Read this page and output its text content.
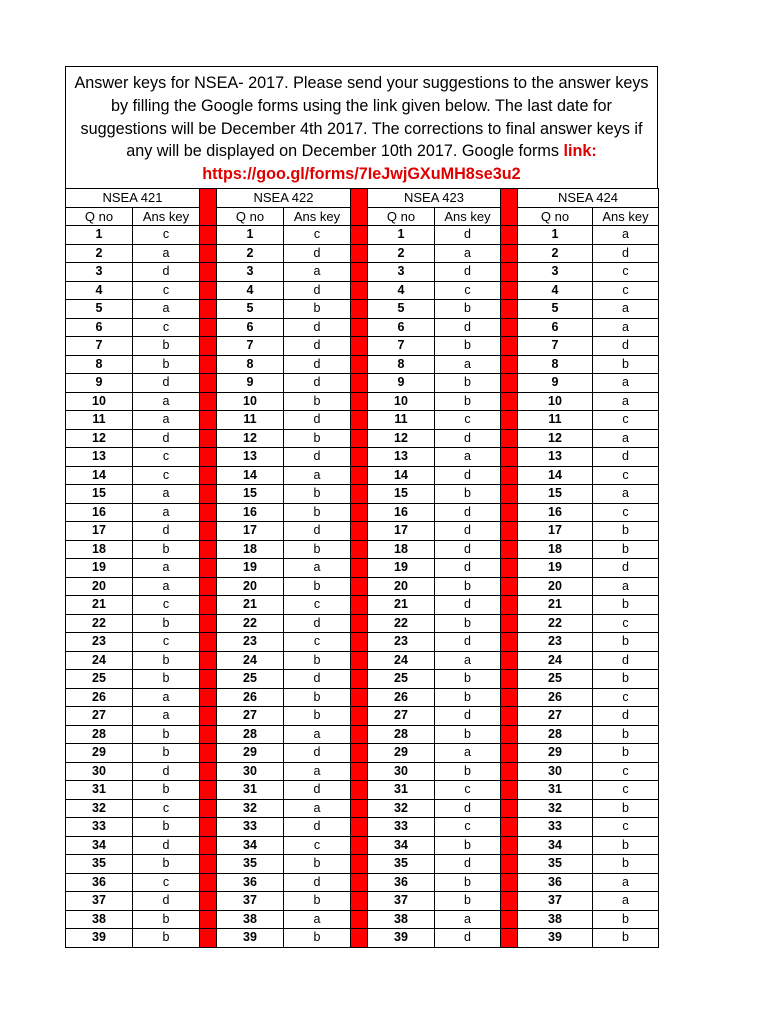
Answer keys for NSEA- 2017. Please send your suggestions to the answer keys
by filling the Google forms using the link given below. The last date for
suggestions will be December 4th 2017. The corrections to final answer keys if
any will be displayed on December 10th 2017. Google forms link:
https://goo.gl/forms/7IeJwjGXuMH8se3u2
NSEA 421			NSEA 422			NSEA 423			NSEA 424	
Q no	Ans key		Q no	Ans key		Q no	Ans key		Q no	Ans key
1	c		1	c		1	d		1	a
2	a		2	d		2	a		2	d
3	d		3	a		3	d		3	c
4	c		4	d		4	c		4	c
5	a		5	b		5	b		5	a
6	c		6	d		6	d		6	a
7	b		7	d		7	b		7	d
8	b		8	d		8	a		8	b
9	d		9	d		9	b		9	a
10	a		10	b		10	b		10	a
11	a		11	d		11	c		11	c
12	d		12	b		12	d		12	a
13	c		13	d		13	a		13	d
14	c		14	a		14	d		14	c
15	a		15	b		15	b		15	a
16	a		16	b		16	d		16	c
17	d		17	d		17	d		17	b
18	b		18	b		18	d		18	b
19	a		19	a		19	d		19	d
20	a		20	b		20	b		20	a
21	c		21	c		21	d		21	b
22	b		22	d		22	b		22	c
23	c		23	c		23	d		23	b
24	b		24	b		24	a		24	d
25	b		25	d		25	b		25	b
26	a		26	b		26	b		26	c
27	a		27	b		27	d		27	d
28	b		28	a		28	b		28	b
29	b		29	d		29	a		29	b
30	d		30	a		30	b		30	c
31	b		31	d		31	c		31	c
32	c		32	a		32	d		32	b
33	b		33	d		33	c		33	c
34	d		34	c		34	b		34	b
35	b		35	b		35	d		35	b
36	c		36	d		36	b		36	a
37	d		37	b		37	b		37	a
38	b		38	a		38	a		38	b
39	b		39	b		39	d		39	b
